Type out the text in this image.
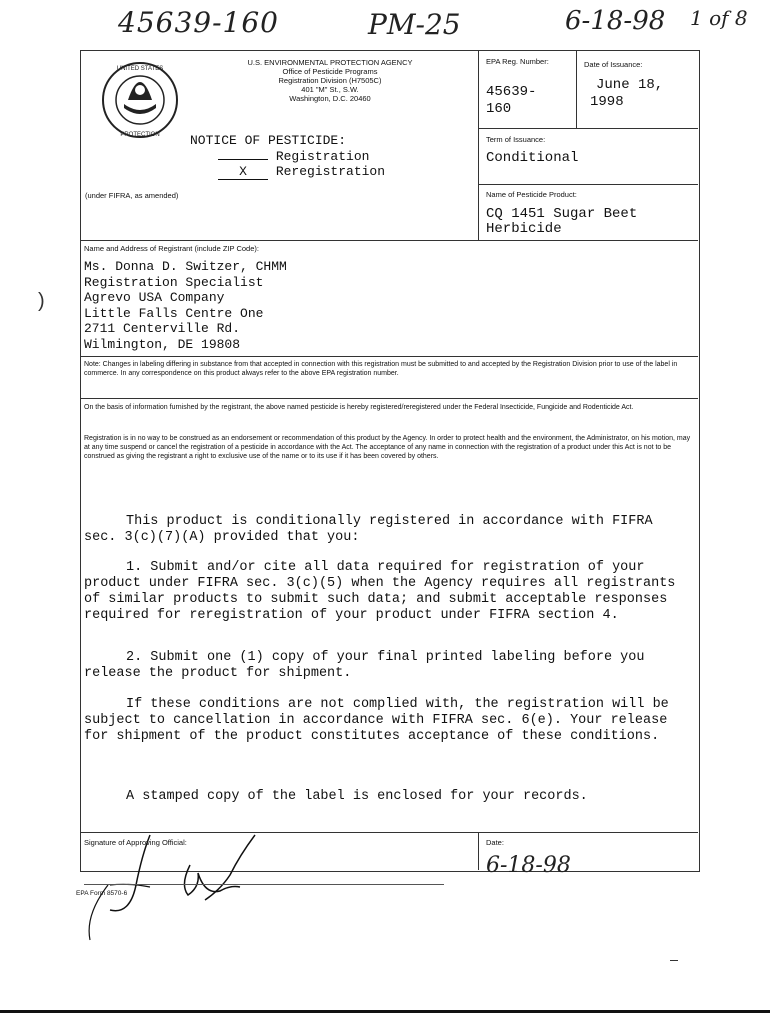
45639-160	PM-25	6-18-98 1 of 8
UNITED STATES
PROTECTION
U.S. ENVIRONMENTAL PROTECTION AGENCY
Office of Pesticide Programs
Registration Division (H7505C)
401 "M" St., S.W.
Washington, D.C. 20460
NOTICE OF PESTICIDE:
Registration
X Reregistration
(under FIFRA, as amended)
EPA Reg. Number:
45639-
160
Date of Issuance:
June 18,
1998
Term of Issuance:
Conditional
Name of Pesticide Product:
CQ 1451 Sugar Beet
Herbicide
Name and Address of Registrant (include ZIP Code):
Ms. Donna D. Switzer, CHMM
Registration Specialist
Agrevo USA Company
Little Falls Centre One
2711 Centerville Rd.
Wilmington, DE 19808
Note: Changes in labeling differing in substance from that accepted in connection with this registration must be submitted to and accepted by the Registration Division prior to use of the label in commerce. In any correspondence on this product always refer to the above EPA registration number.
On the basis of information furnished by the registrant, the above named pesticide is hereby registered/reregistered under the Federal Insecticide, Fungicide and Rodenticide Act.
Registration is in no way to be construed as an endorsement or recommendation of this product by the Agency. In order to protect health and the environment, the Administrator, on his motion, may at any time suspend or cancel the registration of a pesticide in accordance with the Act. The acceptance of any name in connection with the registration of a product under this Act is not to be construed as giving the registrant a right to exclusive use of the name or to its use if it has been covered by others.
This product is conditionally registered in accordance with FIFRA sec. 3(c)(7)(A) provided that you:
1. Submit and/or cite all data required for registration of your product under FIFRA sec. 3(c)(5) when the Agency requires all registrants of similar products to submit such data; and submit acceptable responses required for reregistration of your product under FIFRA section 4.
2. Submit one (1) copy of your final printed labeling before you release the product for shipment.
If these conditions are not complied with, the registration will be subject to cancellation in accordance with FIFRA sec. 6(e). Your release for shipment of the product constitutes acceptance of these conditions.
A stamped copy of the label is enclosed for your records.
Signature of Approving Official:
EPA Form 8570-6
Date:
6-18-98
)
